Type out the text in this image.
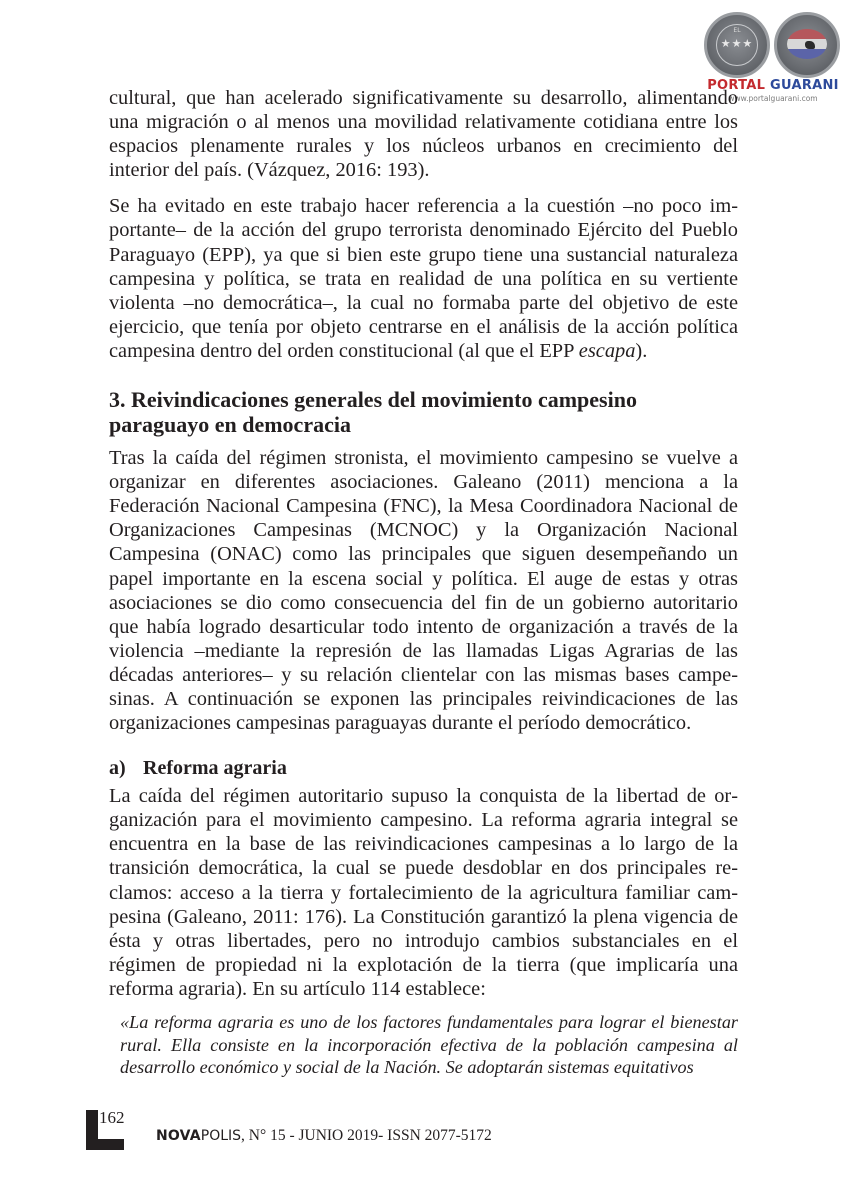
EL
★★★
PORTAL GUARANI
www.portalguarani.com

cultural, que han acelerado significativamente su desarrollo, alimentando una migración o al menos una movilidad relativamente cotidiana entre los espacios plenamente rurales y los núcleos urbanos en crecimiento del interior del país. (Vázquez, 2016: 193).

Se ha evitado en este trabajo hacer referencia a la cuestión –no poco importante– de la acción del grupo terrorista denominado Ejército del Pueblo Paraguayo (EPP), ya que si bien este grupo tiene una sustancial naturaleza campesina y política, se trata en realidad de una política en su vertiente violenta –no democrática–, la cual no formaba parte del objetivo de este ejercicio, que tenía por objeto centrarse en el análisis de la acción política campesina dentro del orden constitucional (al que el EPP escapa).

3. Reivindicaciones generales del movimiento campesino paraguayo en democracia

Tras la caída del régimen stronista, el movimiento campesino se vuelve a organizar en diferentes asociaciones. Galeano (2011) menciona a la Federación Nacional Campesina (FNC), la Mesa Coordinadora Nacional de Organizaciones Campesinas (MCNOC) y la Organización Nacional Campesina (ONAC) como las principales que siguen desempeñando un papel importante en la escena social y política. El auge de estas y otras asociaciones se dio como consecuencia del fin de un gobierno autoritario que había logrado desarticular todo intento de organización a través de la violencia –mediante la represión de las llamadas Ligas Agrarias de las décadas anteriores– y su relación clientelar con las mismas bases campesinas. A continuación se exponen las principales reivindicaciones de las organizaciones campesinas paraguayas durante el período democrático.

a) Reforma agraria

La caída del régimen autoritario supuso la conquista de la libertad de organización para el movimiento campesino. La reforma agraria integral se encuentra en la base de las reivindicaciones campesinas a lo largo de la transición democrática, la cual se puede desdoblar en dos principales reclamos: acceso a la tierra y fortalecimiento de la agricultura familiar campesina (Galeano, 2011: 176). La Constitución garantizó la plena vigencia de ésta y otras libertades, pero no introdujo cambios substanciales en el régimen de propiedad ni la explotación de la tierra (que implicaría una reforma agraria). En su artículo 114 establece:

«La reforma agraria es uno de los factores fundamentales para lograr el bienestar rural. Ella consiste en la incorporación efectiva de la población campesina al desarrollo económico y social de la Nación. Se adoptarán sistemas equitativos

162
NOVAPOLIS, N° 15 - JUNIO 2019- ISSN 2077-5172
